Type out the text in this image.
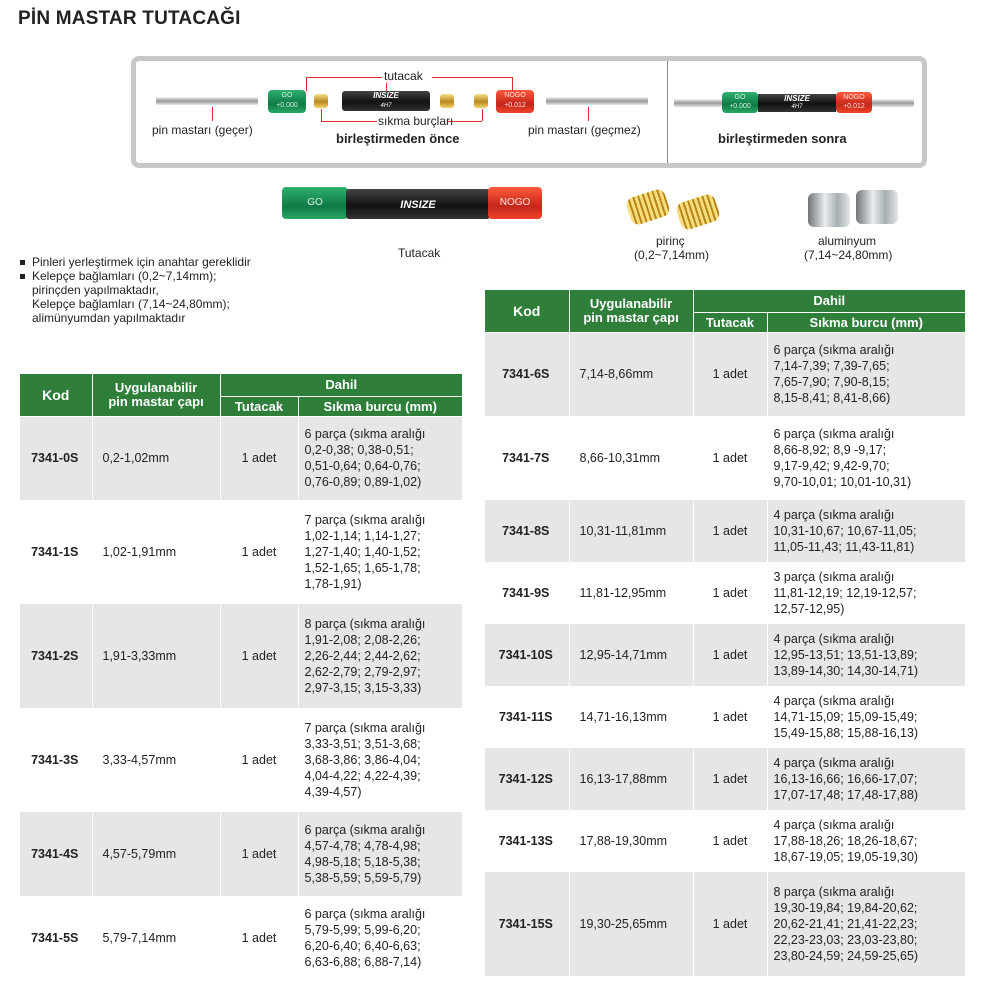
PİN MASTAR TUTACAĞI
GO
+0.000
INSIZE
4H7
NOGO
+0.012
tutacak
sıkma burçları
pin mastarı (geçer)	pin mastarı (geçmez)
birleştirmeden önce
GO
+0.000
INSIZE
4H7
NOGO
+0.012
birleştirmeden sonra
GO	INSIZE	NOGO
Tutacak
pirinç
(0,2~7,14mm)
aluminyum
(7,14~24,80mm)
Pinleri yerleştirmek için anahtar gereklidir
Kelepçe bağlamları (0,2~7,14mm);
pirinçden yapılmaktadır,
Kelepçe bağlamları (7,14~24,80mm);
alimünyumdan yapılmaktadır
Kod	Uygulanabilir
pin mastar çapı	Dahil	
		Tutacak	Sıkma burcu (mm)
7341-0S	0,2-1,02mm	1 adet	6 parça (sıkma aralığı
0,2-0,38; 0,38-0,51;
0,51-0,64; 0,64-0,76;
0,76-0,89; 0,89-1,02)
7341-1S	1,02-1,91mm	1 adet	7 parça (sıkma aralığı
1,02-1,14; 1,14-1,27;
1,27-1,40; 1,40-1,52;
1,52-1,65; 1,65-1,78;
1,78-1,91)
7341-2S	1,91-3,33mm	1 adet	8 parça (sıkma aralığı
1,91-2,08; 2,08-2,26;
2,26-2,44; 2,44-2,62;
2,62-2,79; 2,79-2,97;
2,97-3,15; 3,15-3,33)
7341-3S	3,33-4,57mm	1 adet	7 parça (sıkma aralığı
3,33-3,51; 3,51-3,68;
3,68-3,86; 3,86-4,04;
4,04-4,22; 4,22-4,39;
4,39-4,57)
7341-4S	4,57-5,79mm	1 adet	6 parça (sıkma aralığı
4,57-4,78; 4,78-4,98;
4,98-5,18; 5,18-5,38;
5,38-5,59; 5,59-5,79)
7341-5S	5,79-7,14mm	1 adet	6 parça (sıkma aralığı
5,79-5,99; 5,99-6,20;
6,20-6,40; 6,40-6,63;
6,63-6,88; 6,88-7,14)
Kod	Uygulanabilir
pin mastar çapı	Dahil	
		Tutacak	Sıkma burcu (mm)
7341-6S	7,14-8,66mm	1 adet	6 parça (sıkma aralığı
7,14-7,39; 7,39-7,65;
7,65-7,90; 7,90-8,15;
8,15-8,41; 8,41-8,66)
7341-7S	8,66-10,31mm	1 adet	6 parça (sıkma aralığı
8,66-8,92; 8,9 -9,17;
9,17-9,42; 9,42-9,70;
9,70-10,01; 10,01-10,31)
7341-8S	10,31-11,81mm	1 adet	4 parça (sıkma aralığı
10,31-10,67; 10,67-11,05;
11,05-11,43; 11,43-11,81)
7341-9S	11,81-12,95mm	1 adet	3 parça (sıkma aralığı
11,81-12,19; 12,19-12,57;
12,57-12,95)
7341-10S	12,95-14,71mm	1 adet	4 parça (sıkma aralığı
12,95-13,51; 13,51-13,89;
13,89-14,30; 14,30-14,71)
7341-11S	14,71-16,13mm	1 adet	4 parça (sıkma aralığı
14,71-15,09; 15,09-15,49;
15,49-15,88; 15,88-16,13)
7341-12S	16,13-17,88mm	1 adet	4 parça (sıkma aralığı
16,13-16,66; 16,66-17,07;
17,07-17,48; 17,48-17,88)
7341-13S	17,88-19,30mm	1 adet	4 parça (sıkma aralığı
17,88-18,26; 18,26-18,67;
18,67-19,05; 19,05-19,30)
7341-15S	19,30-25,65mm	1 adet	8 parça (sıkma aralığı
19,30-19,84; 19,84-20,62;
20,62-21,41; 21,41-22,23;
22,23-23,03; 23,03-23,80;
23,80-24,59; 24,59-25,65)
